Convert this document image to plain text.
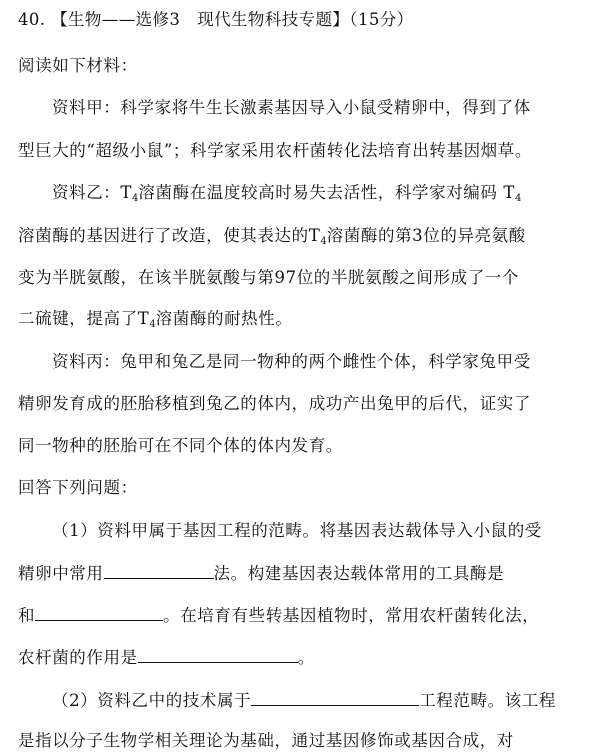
40. 【生物——选修3　现代生物科技专题】（15分）
阅读如下材料：
资料甲：科学家将牛生长激素基因导入小鼠受精卵中，得到了体
型巨大的“超级小鼠”；科学家采用农杆菌转化法培育出转基因烟草。
资料乙：$T_4$溶菌酶在温度较高时易失去活性，科学家对编码 $T_4$
溶菌酶的基因进行了改造，使其表达的$T_4$溶菌酶的第3位的异亮氨酸
变为半胱氨酸，在该半胱氨酸与第97位的半胱氨酸之间形成了一个
二硫键，提高了$T_4$溶菌酶的耐热性。
资料丙：兔甲和兔乙是同一物种的两个雌性个体，科学家兔甲受
精卵发育成的胚胎移植到兔乙的体内，成功产出兔甲的后代，证实了
同一物种的胚胎可在不同个体的体内发育。
回答下列问题：
（1）资料甲属于基因工程的范畴。将基因表达载体导入小鼠的受
精卵中常用	法。构建基因表达载体常用的工具酶是
和	。在培育有些转基因植物时，常用农杆菌转化法，
农杆菌的作用是	。
（2）资料乙中的技术属于	工程范畴。该工程
是指以分子生物学相关理论为基础，通过基因修饰或基因合成，对
